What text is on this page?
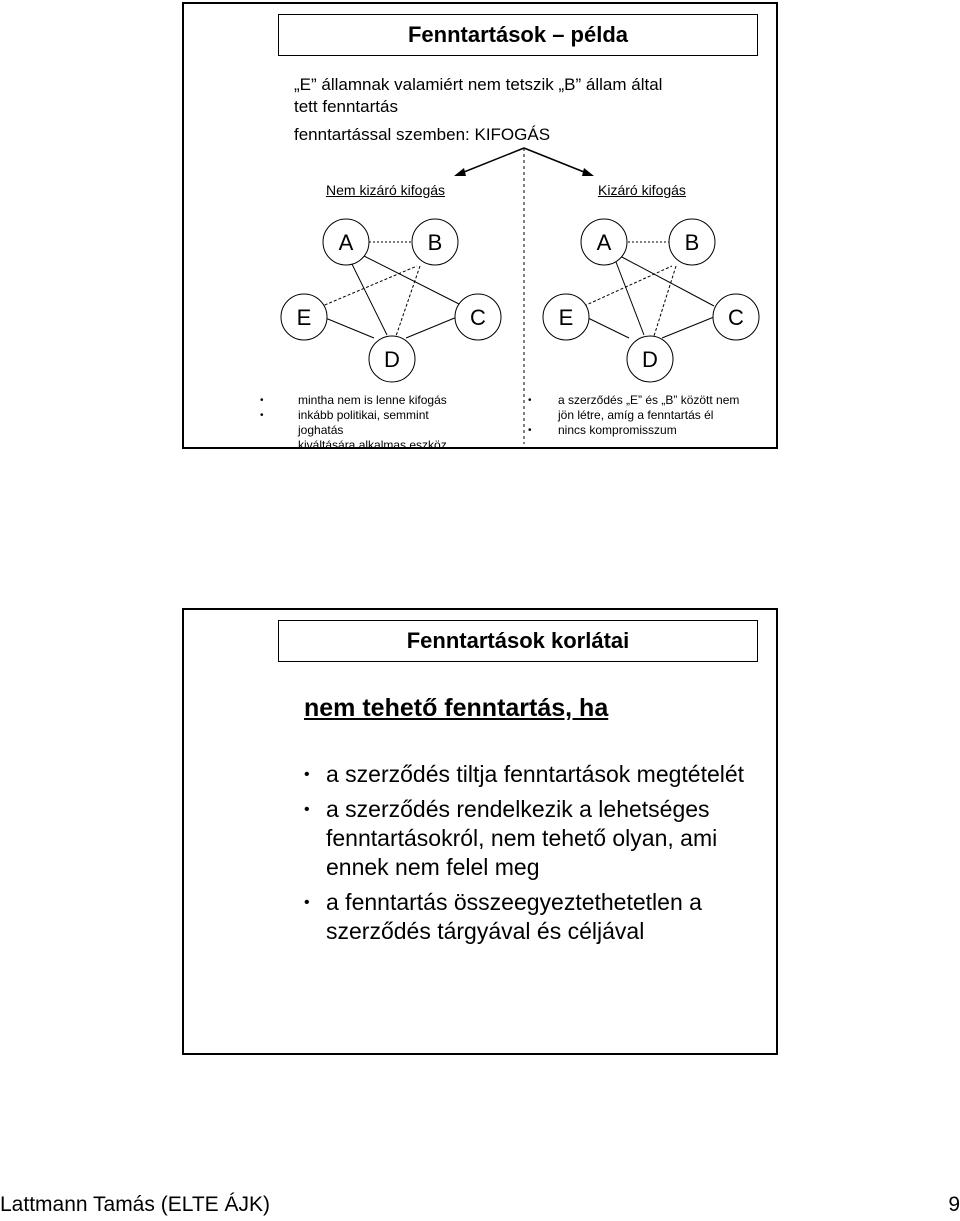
Fenntartások – példa
„E” államnak valamiért nem tetszik „B” állam által
tett fenntartás
fenntartással szemben: KIFOGÁS
Nem kizáró kifogás	Kizáró kifogás
A	B
C
D
E
A	B
C
D
E
•
•
mintha nem is lenne kifogás
inkább politikai, semmint joghatás
kiváltására alkalmas eszköz
•
•
a szerződés „E” és „B” között nem
jön létre, amíg a fenntartás él
nincs kompromisszum
Fenntartások korlátai
nem tehető fenntartás, ha
• a szerződés tiltja fenntartások megtételét
• a szerződés rendelkezik a lehetséges fenntartásokról, nem tehető olyan, ami ennek nem felel meg
• a fenntartás összeegyeztethetetlen a szerződés tárgyával és céljával
Lattmann Tamás (ELTE ÁJK)	9
